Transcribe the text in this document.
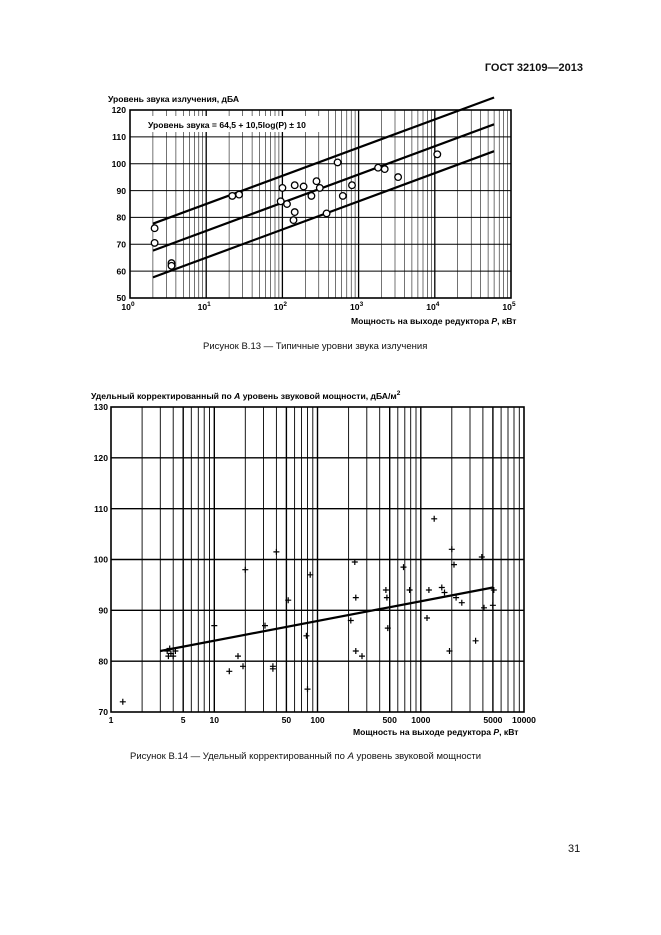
ГОСТ 32109—2013
50
60
70
80
90
100
110
120
$10^0$	$10^1$	$10^2$	$10^3$	$10^4$	$10^5$
Уровень звука = 64,5 + 10,5log(P) ± 10
Уровень звука излучения, дБА
Мощность на выходе редуктора P, кВт
70
80
90
100
110
120
130
1	5	10	50 100	500 1000	5000 10000
Удельный корректированный по A уровень звуковой мощности, дБА/$м^2$
Мощность на выходе редуктора P, кВт
Рисунок В.13 — Типичные уровни звука излучения
Рисунок В.14 — Удельный корректированный по A уровень звуковой мощности
31
